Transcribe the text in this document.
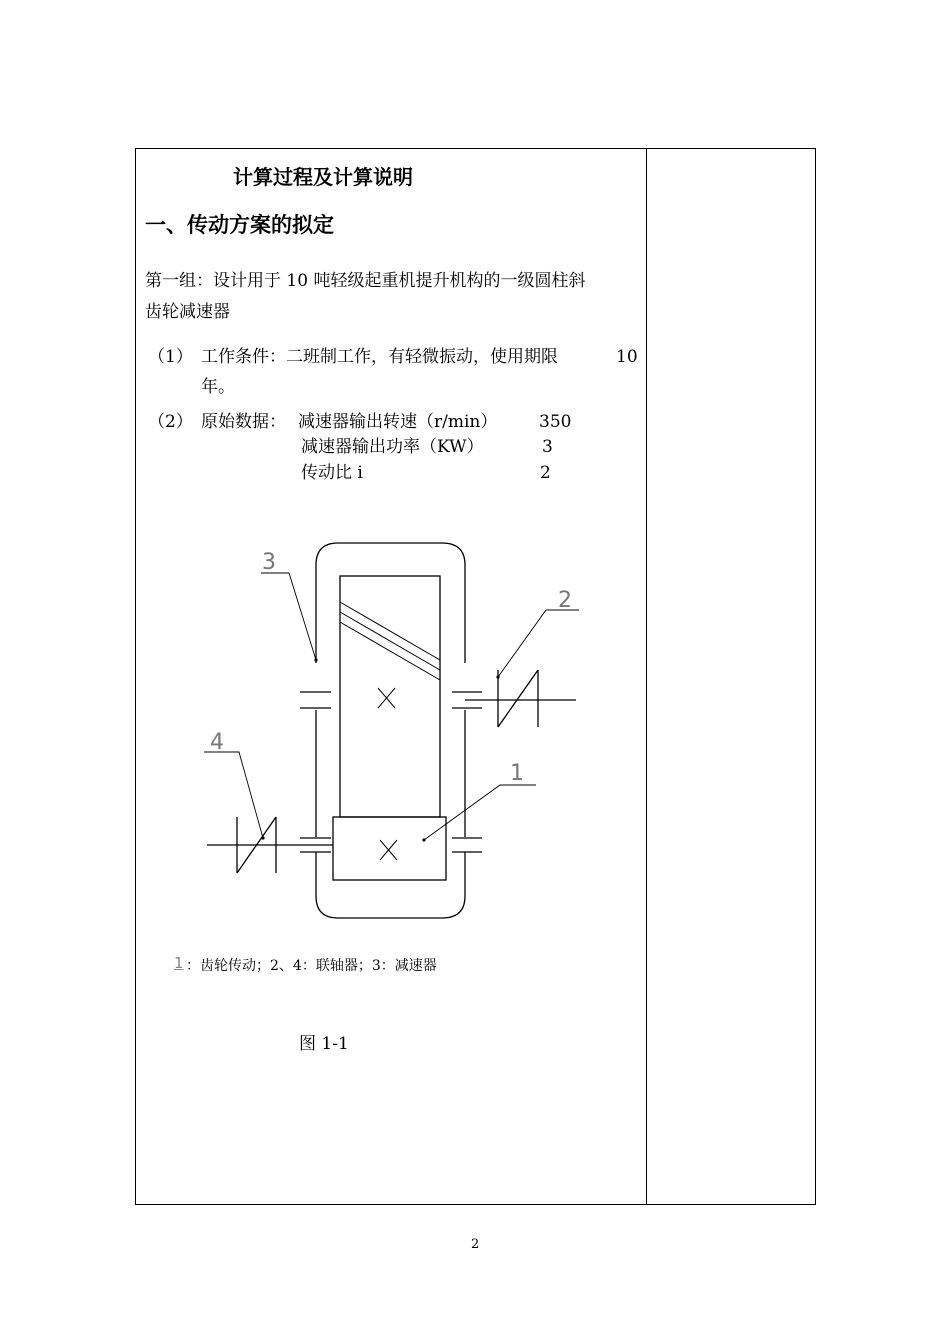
计算过程及计算说明
一、传动方案的拟定
第一组：设计用于 10 吨轻级起重机提升机构的一级圆柱斜
齿轮减速器
（1） 工作条件：二班制工作，有轻微振动，使用期限	10
年。
（2） 原始数据： 减速器输出转速（r/min） 350
减速器输出功率（KW）	3
传动比 i	2
1 ：齿轮传动；2、4：联轴器；3：减速器
图 1-1
3
2
4
1
2
